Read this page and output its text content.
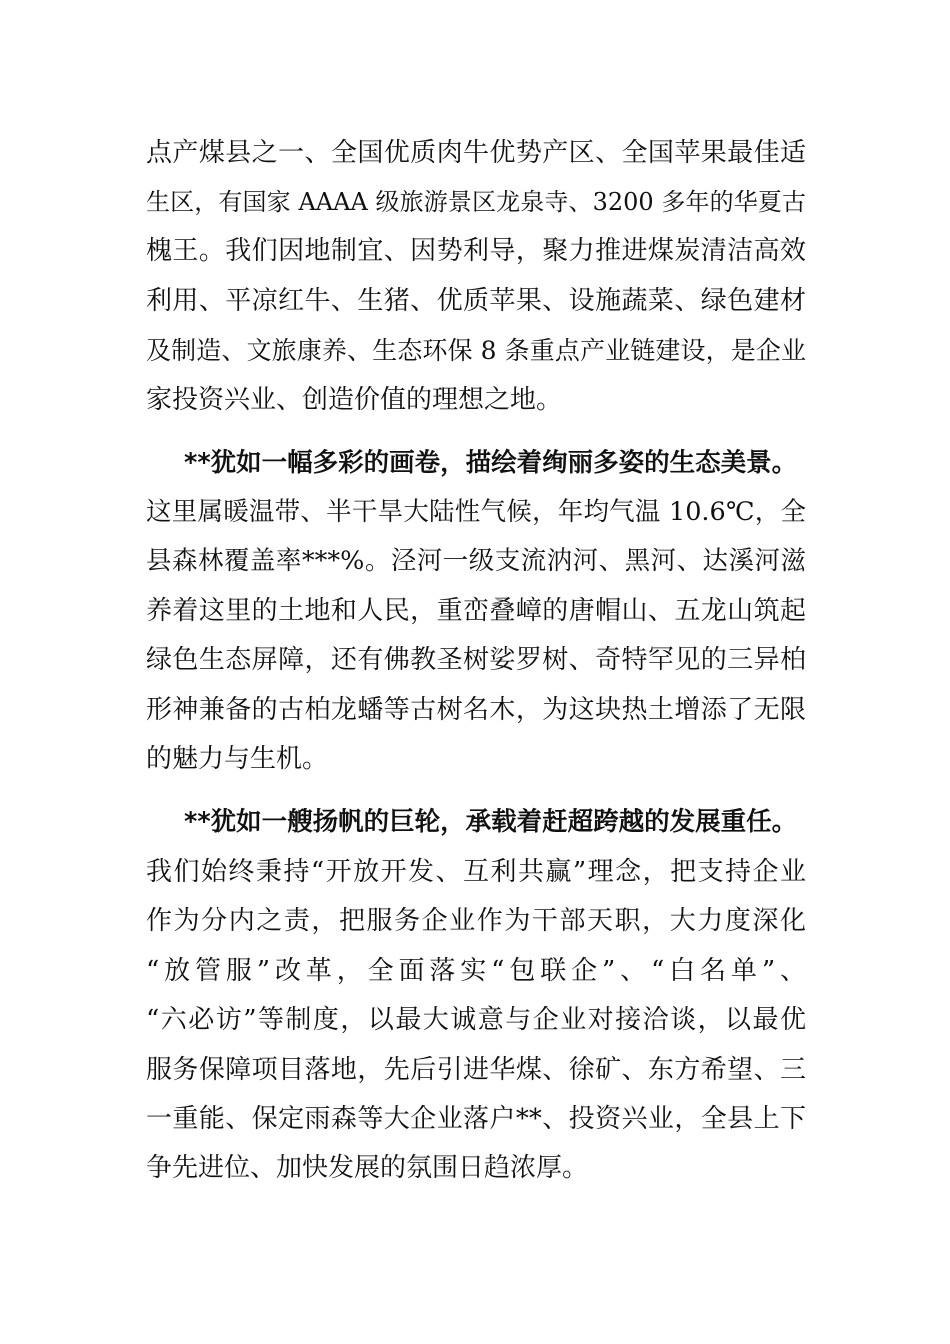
点产煤县之一、全国优质肉牛优势产区、全国苹果最佳适
生区，有国家 AAAA 级旅游景区龙泉寺、3200 多年的华夏古
槐王。我们因地制宜、因势利导，聚力推进煤炭清洁高效
利用、平凉红牛、生猪、优质苹果、设施蔬菜、绿色建材
及制造、文旅康养、生态环保 8 条重点产业链建设，是企业
家投资兴业、创造价值的理想之地。
**犹如一幅多彩的画卷，描绘着绚丽多姿的生态美景。
这里属暖温带、半干旱大陆性气候，年均气温 10.6℃，全
县森林覆盖率***%。泾河一级支流汭河、黑河、达溪河滋
养着这里的土地和人民，重峦叠嶂的唐帽山、五龙山筑起
绿色生态屏障，还有佛教圣树娑罗树、奇特罕见的三异柏
形神兼备的古柏龙蟠等古树名木，为这块热土增添了无限
的魅力与生机。
**犹如一艘扬帆的巨轮，承载着赶超跨越的发展重任。
我们始终秉持“开放开发、互利共赢”理念，把支持企业
作为分内之责，把服务企业作为干部天职，大力度深化
“放管服”改革，全面落实“包联企”、“白名单”、
“六必访”等制度，以最大诚意与企业对接洽谈，以最优
服务保障项目落地，先后引进华煤、徐矿、东方希望、三
一重能、保定雨森等大企业落户**、投资兴业，全县上下
争先进位、加快发展的氛围日趋浓厚。
